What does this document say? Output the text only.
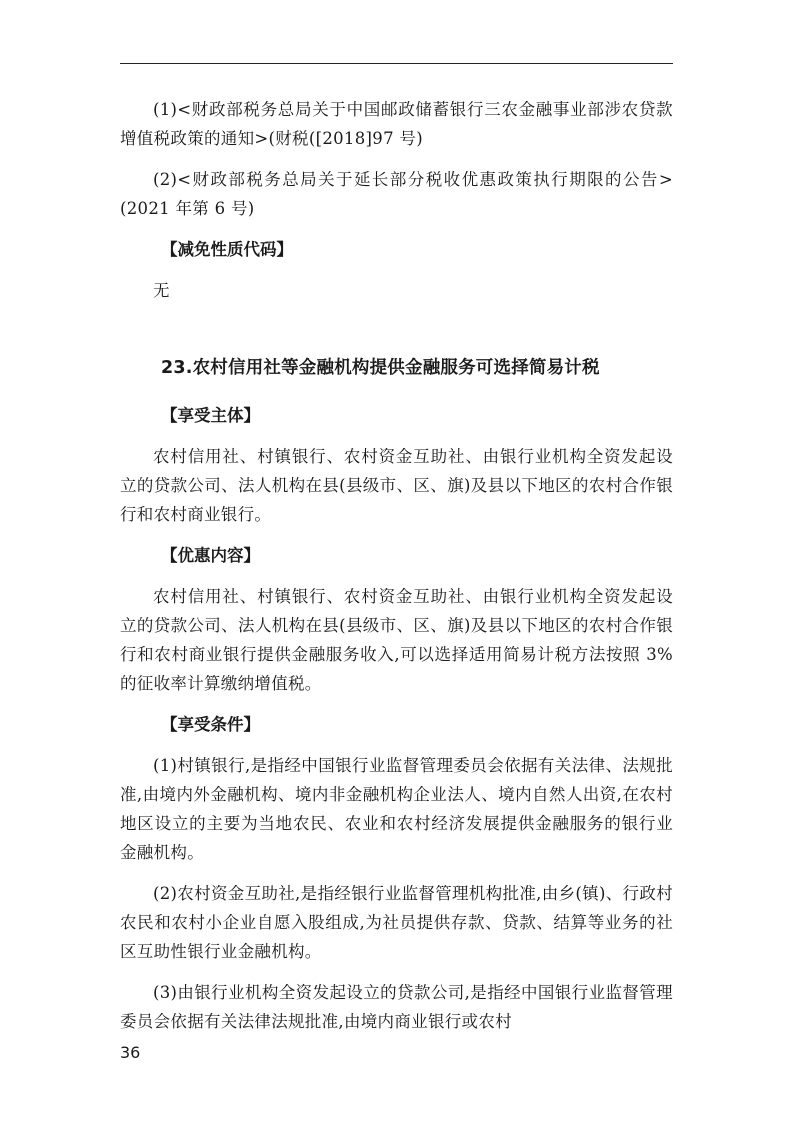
(1)<财政部税务总局关于中国邮政储蓄银行三农金融事业部涉农贷款增值税政策的通知>(财税([2018]97 号)

(2)<财政部税务总局关于延长部分税收优惠政策执行期限的公告>(2021 年第 6 号)

【减免性质代码】

无

23.农村信用社等金融机构提供金融服务可选择简易计税

【享受主体】

农村信用社、村镇银行、农村资金互助社、由银行业机构全资发起设立的贷款公司、法人机构在县(县级市、区、旗)及县以下地区的农村合作银行和农村商业银行。

【优惠内容】

农村信用社、村镇银行、农村资金互助社、由银行业机构全资发起设立的贷款公司、法人机构在县(县级市、区、旗)及县以下地区的农村合作银行和农村商业银行提供金融服务收入,可以选择适用简易计税方法按照 3%的征收率计算缴纳增值税。

【享受条件】

(1)村镇银行,是指经中国银行业监督管理委员会依据有关法律、法规批准,由境内外金融机构、境内非金融机构企业法人、境内自然人出资,在农村地区设立的主要为当地农民、农业和农村经济发展提供金融服务的银行业金融机构。

(2)农村资金互助社,是指经银行业监督管理机构批准,由乡(镇)、行政村农民和农村小企业自愿入股组成,为社员提供存款、贷款、结算等业务的社区互助性银行业金融机构。

(3)由银行业机构全资发起设立的贷款公司,是指经中国银行业监督管理委员会依据有关法律法规批准,由境内商业银行或农村

36
